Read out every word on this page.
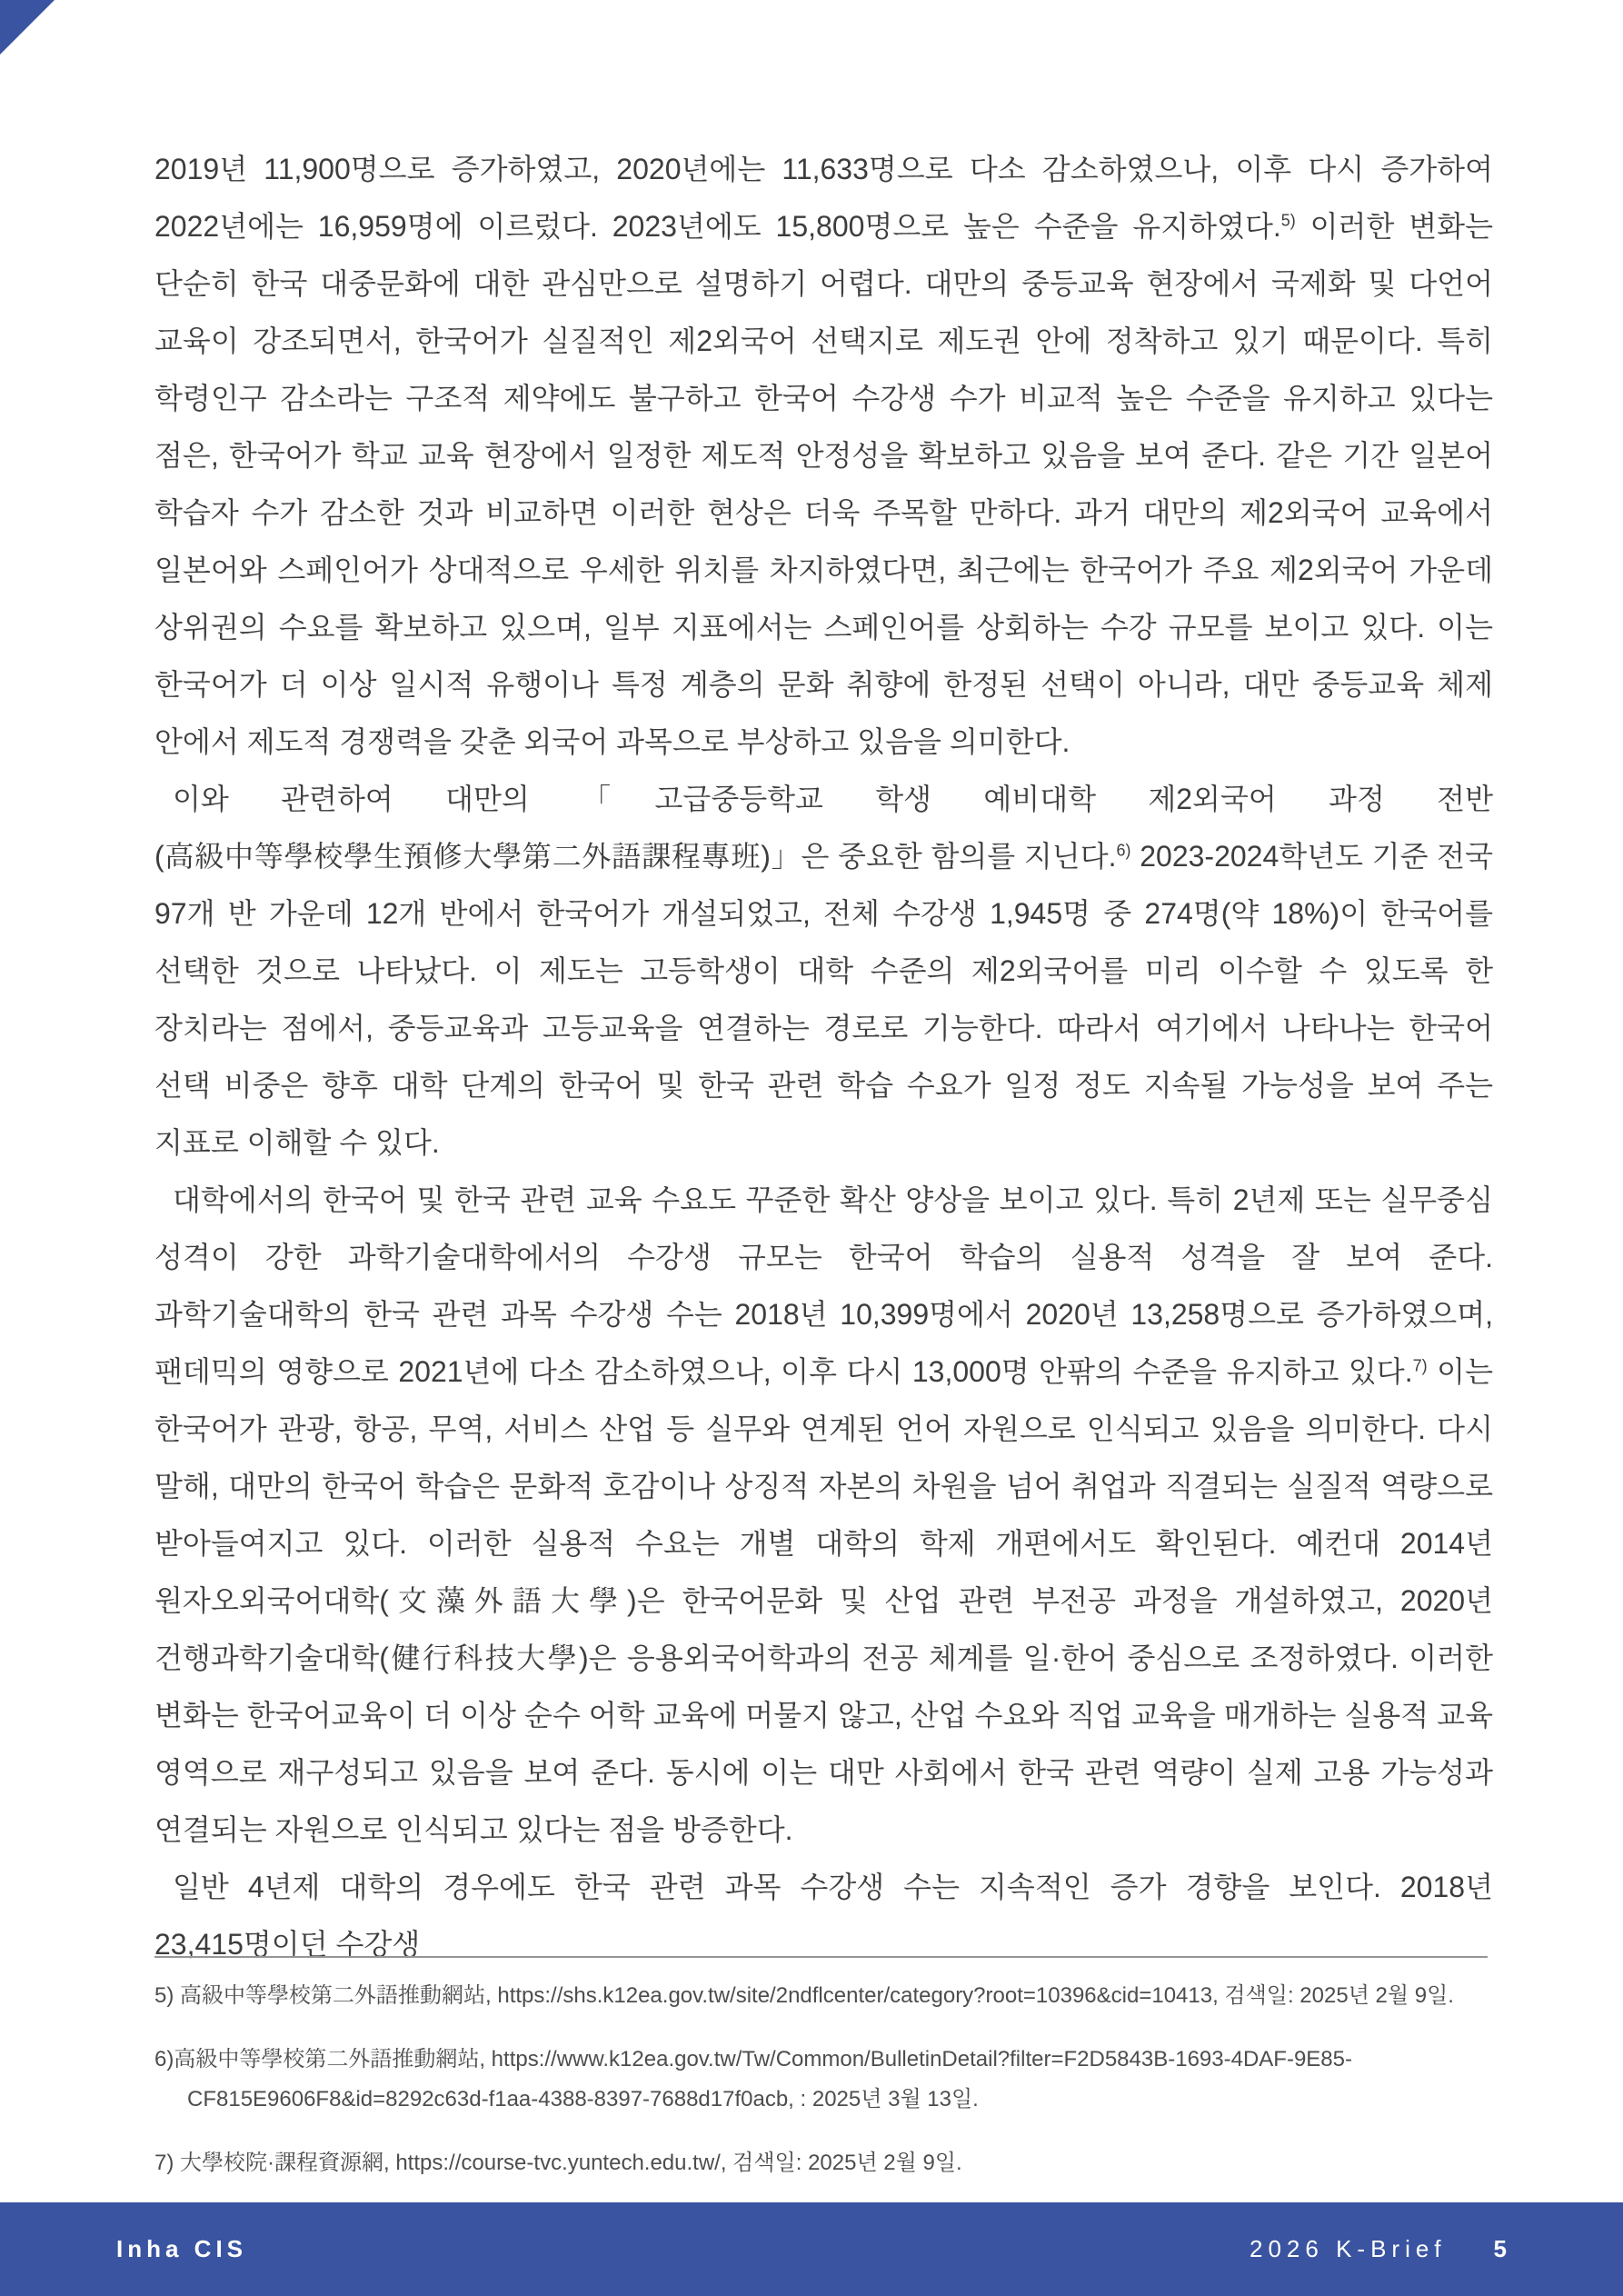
2019년 11,900명으로 증가하였고, 2020년에는 11,633명으로 다소 감소하였으나, 이후 다시 증가하여 2022년에는 16,959명에 이르렀다. 2023년에도 15,800명으로 높은 수준을 유지하였다.$^{5)}$ 이러한 변화는 단순히 한국 대중문화에 대한 관심만으로 설명하기 어렵다. 대만의 중등교육 현장에서 국제화 및 다언어 교육이 강조되면서, 한국어가 실질적인 제2외국어 선택지로 제도권 안에 정착하고 있기 때문이다. 특히 학령인구 감소라는 구조적 제약에도 불구하고 한국어 수강생 수가 비교적 높은 수준을 유지하고 있다는 점은, 한국어가 학교 교육 현장에서 일정한 제도적 안정성을 확보하고 있음을 보여 준다. 같은 기간 일본어 학습자 수가 감소한 것과 비교하면 이러한 현상은 더욱 주목할 만하다. 과거 대만의 제2외국어 교육에서 일본어와 스페인어가 상대적으로 우세한 위치를 차지하였다면, 최근에는 한국어가 주요 제2외국어 가운데 상위권의 수요를 확보하고 있으며, 일부 지표에서는 스페인어를 상회하는 수강 규모를 보이고 있다. 이는 한국어가 더 이상 일시적 유행이나 특정 계층의 문화 취향에 한정된 선택이 아니라, 대만 중등교육 체제 안에서 제도적 경쟁력을 갖춘 외국어 과목으로 부상하고 있음을 의미한다.

이와 관련하여 대만의 「고급중등학교 학생 예비대학 제2외국어 과정 전반(高級中等學校學生預修大學第二外語課程專班)」은 중요한 함의를 지닌다.$^{6)}$ 2023-2024학년도 기준 전국 97개 반 가운데 12개 반에서 한국어가 개설되었고, 전체 수강생 1,945명 중 274명(약 18%)이 한국어를 선택한 것으로 나타났다. 이 제도는 고등학생이 대학 수준의 제2외국어를 미리 이수할 수 있도록 한 장치라는 점에서, 중등교육과 고등교육을 연결하는 경로로 기능한다. 따라서 여기에서 나타나는 한국어 선택 비중은 향후 대학 단계의 한국어 및 한국 관련 학습 수요가 일정 정도 지속될 가능성을 보여 주는 지표로 이해할 수 있다.

대학에서의 한국어 및 한국 관련 교육 수요도 꾸준한 확산 양상을 보이고 있다. 특히 2년제 또는 실무중심 성격이 강한 과학기술대학에서의 수강생 규모는 한국어 학습의 실용적 성격을 잘 보여 준다. 과학기술대학의 한국 관련 과목 수강생 수는 2018년 10,399명에서 2020년 13,258명으로 증가하였으며, 팬데믹의 영향으로 2021년에 다소 감소하였으나, 이후 다시 13,000명 안팎의 수준을 유지하고 있다.$^{7)}$ 이는 한국어가 관광, 항공, 무역, 서비스 산업 등 실무와 연계된 언어 자원으로 인식되고 있음을 의미한다. 다시 말해, 대만의 한국어 학습은 문화적 호감이나 상징적 자본의 차원을 넘어 취업과 직결되는 실질적 역량으로 받아들여지고 있다. 이러한 실용적 수요는 개별 대학의 학제 개편에서도 확인된다. 예컨대 2014년 원자오외국어대학(文藻外語大學)은 한국어문화 및 산업 관련 부전공 과정을 개설하였고, 2020년 건행과학기술대학(健行科技大學)은 응용외국어학과의 전공 체계를 일·한어 중심으로 조정하였다. 이러한 변화는 한국어교육이 더 이상 순수 어학 교육에 머물지 않고, 산업 수요와 직업 교육을 매개하는 실용적 교육 영역으로 재구성되고 있음을 보여 준다. 동시에 이는 대만 사회에서 한국 관련 역량이 실제 고용 가능성과 연결되는 자원으로 인식되고 있다는 점을 방증한다.

일반 4년제 대학의 경우에도 한국 관련 과목 수강생 수는 지속적인 증가 경향을 보인다. 2018년 23,415명이던 수강생

5) 高級中等學校第二外語推動網站, https://shs.k12ea.gov.tw/site/2ndflcenter/category?root=10396&cid=10413, 검색일: 2025년 2월 9일.
6)高級中等學校第二外語推動網站, https://www.k12ea.gov.tw/Tw/Common/BulletinDetail?filter=F2D5843B-1693-4DAF-9E85-
CF815E9606F8&id=8292c63d-f1aa-4388-8397-7688d17f0acb, : 2025년 3월 13일.
7) 大學校院·課程資源網, https://course-tvc.yuntech.edu.tw/, 검색일: 2025년 2월 9일.
Inha CIS	2026 K-Brief 5
